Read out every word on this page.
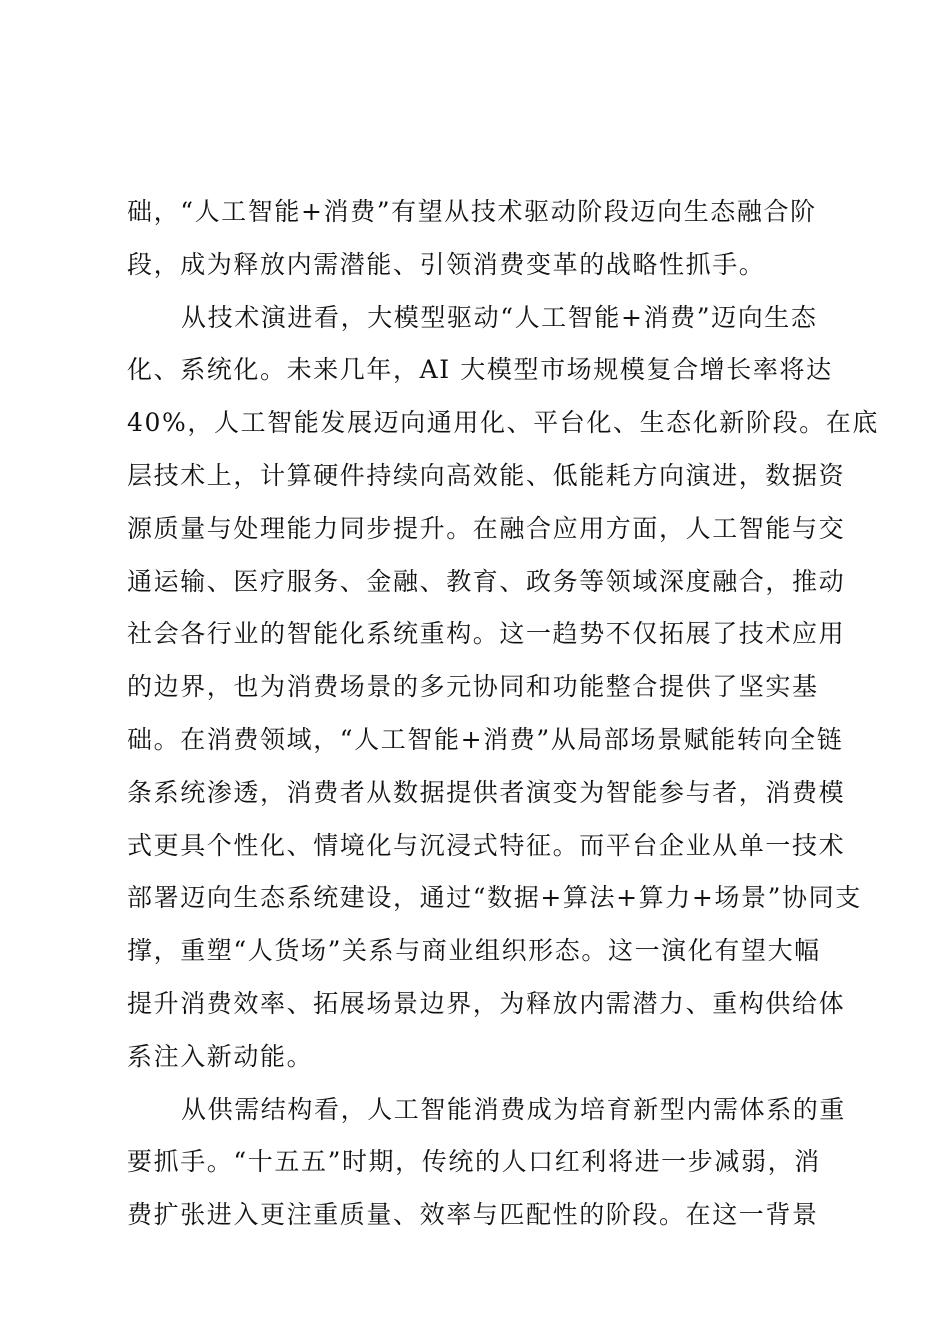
础，“人工智能+消费”有望从技术驱动阶段迈向生态融合阶
段，成为释放内需潜能、引领消费变革的战略性抓手。
从技术演进看，大模型驱动“人工智能+消费”迈向生态
化、系统化。未来几年，AI 大模型市场规模复合增长率将达
40%，人工智能发展迈向通用化、平台化、生态化新阶段。在底
层技术上，计算硬件持续向高效能、低能耗方向演进，数据资
源质量与处理能力同步提升。在融合应用方面，人工智能与交
通运输、医疗服务、金融、教育、政务等领域深度融合，推动
社会各行业的智能化系统重构。这一趋势不仅拓展了技术应用
的边界，也为消费场景的多元协同和功能整合提供了坚实基
础。在消费领域，“人工智能+消费”从局部场景赋能转向全链
条系统渗透，消费者从数据提供者演变为智能参与者，消费模
式更具个性化、情境化与沉浸式特征。而平台企业从单一技术
部署迈向生态系统建设，通过“数据+算法+算力+场景”协同支
撑，重塑“人货场”关系与商业组织形态。这一演化有望大幅
提升消费效率、拓展场景边界，为释放内需潜力、重构供给体
系注入新动能。
从供需结构看，人工智能消费成为培育新型内需体系的重
要抓手。“十五五”时期，传统的人口红利将进一步减弱，消
费扩张进入更注重质量、效率与匹配性的阶段。在这一背景
